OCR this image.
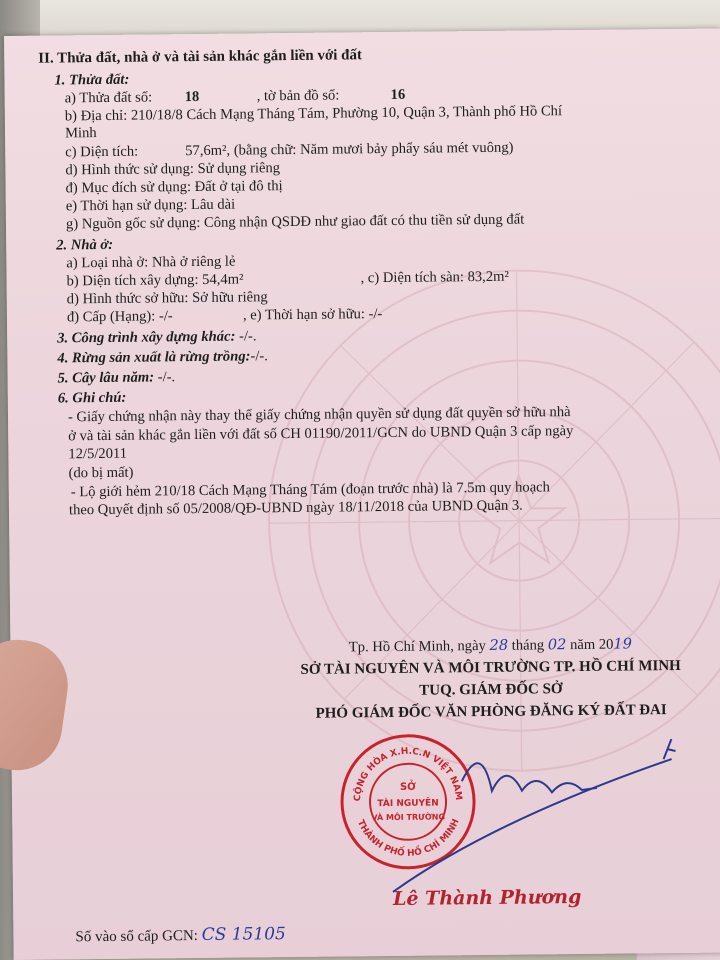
II. Thửa đất, nhà ở và tài sản khác gắn liền với đất
1. Thửa đất:
a) Thửa đất số: 18	, tờ bản đồ số:	16
b) Địa chỉ: 210/18/8 Cách Mạng Tháng Tám, Phường 10, Quận 3, Thành phố Hồ Chí
Minh
c) Diện tích:	57,6m², (bằng chữ: Năm mươi bảy phẩy sáu mét vuông)
d) Hình thức sử dụng: Sử dụng riêng
đ) Mục đích sử dụng: Đất ở tại đô thị
e) Thời hạn sử dụng: Lâu dài
g) Nguồn gốc sử dụng: Công nhận QSDĐ như giao đất có thu tiền sử dụng đất
2. Nhà ở:
a) Loại nhà ở: Nhà ở riêng lẻ
b) Diện tích xây dựng: 54,4m²	, c) Diện tích sàn: 83,2m²
d) Hình thức sở hữu: Sở hữu riêng
đ) Cấp (Hạng): -/-	, e) Thời hạn sở hữu: -/-
3. Công trình xây dựng khác: -/-.
4. Rừng sản xuất là rừng trồng:-/-.
5. Cây lâu năm: -/-.
6. Ghi chú:
- Giấy chứng nhận này thay thế giấy chứng nhận quyền sử dụng đất quyền sở hữu nhà
ở và tài sản khác gắn liền với đất số CH 01190/2011/GCN do UBND Quận 3 cấp ngày
12/5/2011
(do bị mất)
- Lộ giới hẻm 210/18 Cách Mạng Tháng Tám (đoạn trước nhà) là 7.5m quy hoạch
theo Quyết định số 05/2008/QĐ-UBND ngày 18/11/2018 của UBND Quận 3.
Tp. Hồ Chí Minh, ngày 28 tháng 02 năm 2019
SỞ TÀI NGUYÊN VÀ MÔI TRƯỜNG TP. HỒ CHÍ MINH
TUQ. GIÁM ĐỐC SỞ
PHÓ GIÁM ĐỐC VĂN PHÒNG ĐĂNG KÝ ĐẤT ĐAI
Lê Thành Phương
CỘNG HÒA X.H.C.N VIỆT NAM
THÀNH PHỐ HỒ CHÍ MINH
SỞ
TÀI NGUYÊN
VÀ MÔI TRƯỜNG
Số vào sổ cấp GCN: CS 15105
